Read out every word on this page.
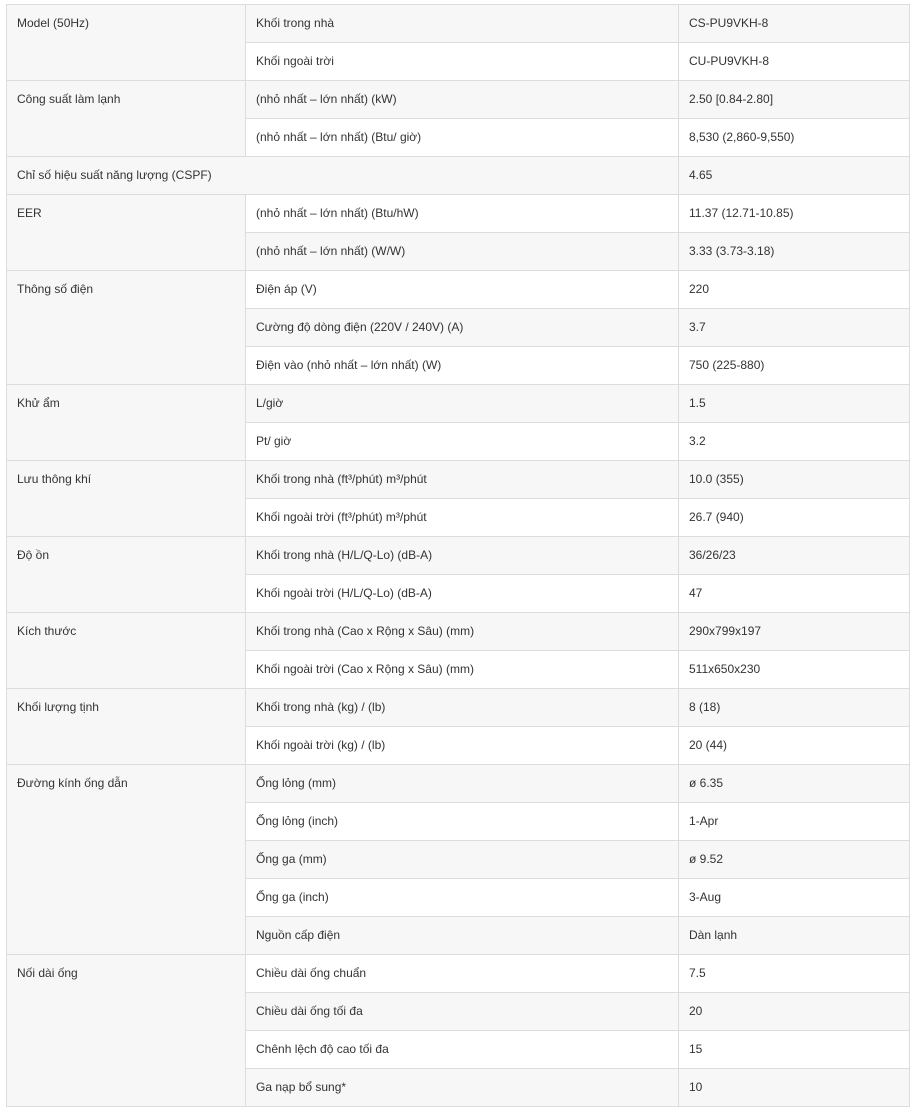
Model (50Hz)	Khối trong nhà	CS-PU9VKH-8
	Khối ngoài trời	CU-PU9VKH-8
Công suất làm lạnh	(nhỏ nhất – lớn nhất) (kW)	2.50 [0.84-2.80]
	(nhỏ nhất – lớn nhất) (Btu/ giờ)	8,530 (2,860-9,550)
Chỉ số hiệu suất năng lượng (CSPF)		4.65
EER	(nhỏ nhất – lớn nhất) (Btu/hW)	11.37 (12.71-10.85)
	(nhỏ nhất – lớn nhất) (W/W)	3.33 (3.73-3.18)
Thông số điện	Điện áp (V)	220
	Cường độ dòng điện (220V / 240V) (A)	3.7
	Điện vào (nhỏ nhất – lớn nhất) (W)	750 (225-880)
Khử ẩm	L/giờ	1.5
	Pt/ giờ	3.2
Lưu thông khí	Khối trong nhà (ft³/phút) m³/phút	10.0 (355)
	Khối ngoài trời (ft³/phút) m³/phút	26.7 (940)
Độ ồn	Khối trong nhà (H/L/Q-Lo) (dB-A)	36/26/23
	Khối ngoài trời (H/L/Q-Lo) (dB-A)	47
Kích thước	Khối trong nhà (Cao x Rộng x Sâu) (mm)	290x799x197
	Khối ngoài trời (Cao x Rộng x Sâu) (mm)	511x650x230
Khối lượng tịnh	Khối trong nhà (kg) / (lb)	8 (18)
	Khối ngoài trời (kg) / (lb)	20 (44)
Đường kính ống dẫn	Ống lỏng (mm)	ø 6.35
	Ống lỏng (inch)	1-Apr
	Ống ga (mm)	ø 9.52
	Ống ga (inch)	3-Aug
	Nguồn cấp điện	Dàn lạnh
Nối dài ống	Chiều dài ống chuẩn	7.5
	Chiều dài ống tối đa	20
	Chênh lệch độ cao tối đa	15
	Ga nạp bổ sung*	10
